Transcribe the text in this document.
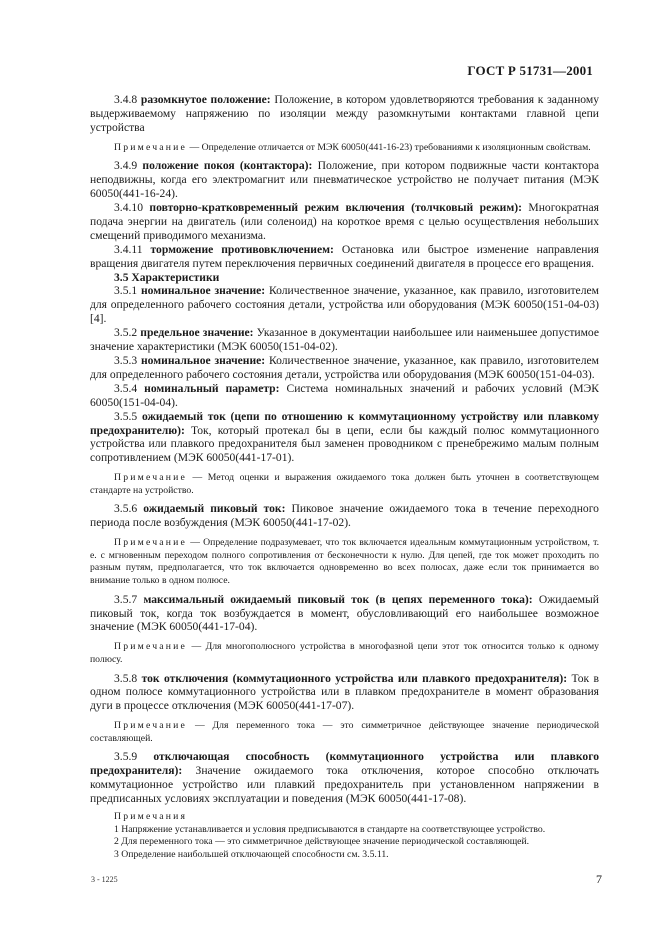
ГОСТ Р 51731—2001

3.4.8 разомкнутое положение: Положение, в котором удовлетворяются требования к заданному выдерживаемому напряжению по изоляции между разомкнутыми контактами главной цепи устройства

Примечание — Определение отличается от МЭК 60050(441-16-23) требованиями к изоляционным свойствам.

3.4.9 положение покоя (контактора): Положение, при котором подвижные части контактора неподвижны, когда его электромагнит или пневматическое устройство не получает питания (МЭК 60050(441-16-24).

3.4.10 повторно-кратковременный режим включения (толчковый режим): Многократная подача энергии на двигатель (или соленоид) на короткое время с целью осуществления небольших смещений приводимого механизма.

3.4.11 торможение противовключением: Остановка или быстрое изменение направления вращения двигателя путем переключения первичных соединений двигателя в процессе его вращения.

3.5 Характеристики

3.5.1 номинальное значение: Количественное значение, указанное, как правило, изготовителем для определенного рабочего состояния детали, устройства или оборудования (МЭК 60050(151-04-03) [4].

3.5.2 предельное значение: Указанное в документации наибольшее или наименьшее допустимое значение характеристики (МЭК 60050(151-04-02).

3.5.3 номинальное значение: Количественное значение, указанное, как правило, изготовителем для определенного рабочего состояния детали, устройства или оборудования (МЭК 60050(151-04-03).

3.5.4 номинальный параметр: Система номинальных значений и рабочих условий (МЭК 60050(151-04-04).

3.5.5 ожидаемый ток (цепи по отношению к коммутационному устройству или плавкому предохранителю): Ток, который протекал бы в цепи, если бы каждый полюс коммутационного устройства или плавкого предохранителя был заменен проводником с пренебрежимо малым полным сопротивлением (МЭК 60050(441-17-01).

Примечание — Метод оценки и выражения ожидаемого тока должен быть уточнен в соответствующем стандарте на устройство.

3.5.6 ожидаемый пиковый ток: Пиковое значение ожидаемого тока в течение переходного периода после возбуждения (МЭК 60050(441-17-02).

Примечание — Определение подразумевает, что ток включается идеальным коммутационным устройством, т. е. с мгновенным переходом полного сопротивления от бесконечности к нулю. Для цепей, где ток может проходить по разным путям, предполагается, что ток включается одновременно во всех полюсах, даже если ток принимается во внимание только в одном полюсе.

3.5.7 максимальный ожидаемый пиковый ток (в цепях переменного тока): Ожидаемый пиковый ток, когда ток возбуждается в момент, обусловливающий его наибольшее возможное значение (МЭК 60050(441-17-04).

Примечание — Для многополюсного устройства в многофазной цепи этот ток относится только к одному полюсу.

3.5.8 ток отключения (коммутационного устройства или плавкого предохранителя): Ток в одном полюсе коммутационного устройства или в плавком предохранителе в момент образования дуги в процессе отключения (МЭК 60050(441-17-07).

Примечание — Для переменного тока — это симметричное действующее значение периодической составляющей.

3.5.9 отключающая способность (коммутационного устройства или плавкого предохранителя): Значение ожидаемого тока отключения, которое способно отключать коммутационное устройство или плавкий предохранитель при установленном напряжении в предписанных условиях эксплуатации и поведения (МЭК 60050(441-17-08).

Примечания

1 Напряжение устанавливается и условия предписываются в стандарте на соответствующее устройство.

2 Для переменного тока — это симметричное действующее значение периодической составляющей.

3 Определение наибольшей отключающей способности см. 3.5.11.

3 - 1225	7
